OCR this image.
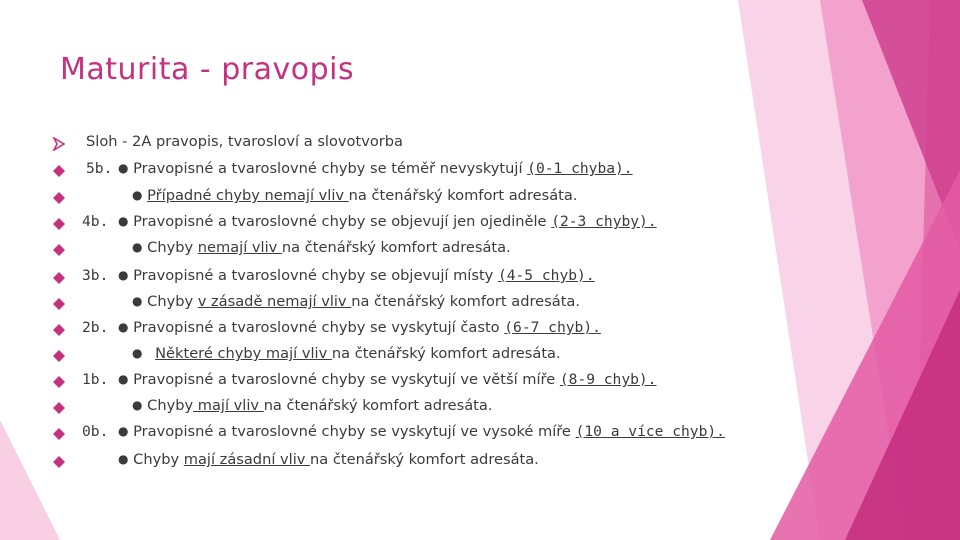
Maturita - pravopis
Sloh - 2A pravopis, tvarosloví a slovotvorba
5b. ● Pravopisné a tvaroslovné chyby se téměř nevyskytují (0-1 chyba).
● Případné chyby nemají vliv na čtenářský komfort adresáta.
4b. ● Pravopisné a tvaroslovné chyby se objevují jen ojediněle (2-3 chyby).
● Chyby nemají vliv na čtenářský komfort adresáta.
3b. ● Pravopisné a tvaroslovné chyby se objevují místy (4-5 chyb).
● Chyby v zásadě nemají vliv na čtenářský komfort adresáta.
2b. ● Pravopisné a tvaroslovné chyby se vyskytují často (6-7 chyb).
● Některé chyby mají vliv na čtenářský komfort adresáta.
1b. ● Pravopisné a tvaroslovné chyby se vyskytují ve větší míře (8-9 chyb).
● Chyby mají vliv na čtenářský komfort adresáta.
0b. ● Pravopisné a tvaroslovné chyby se vyskytují ve vysoké míře (10 a více chyb).
● Chyby mají zásadní vliv na čtenářský komfort adresáta.
